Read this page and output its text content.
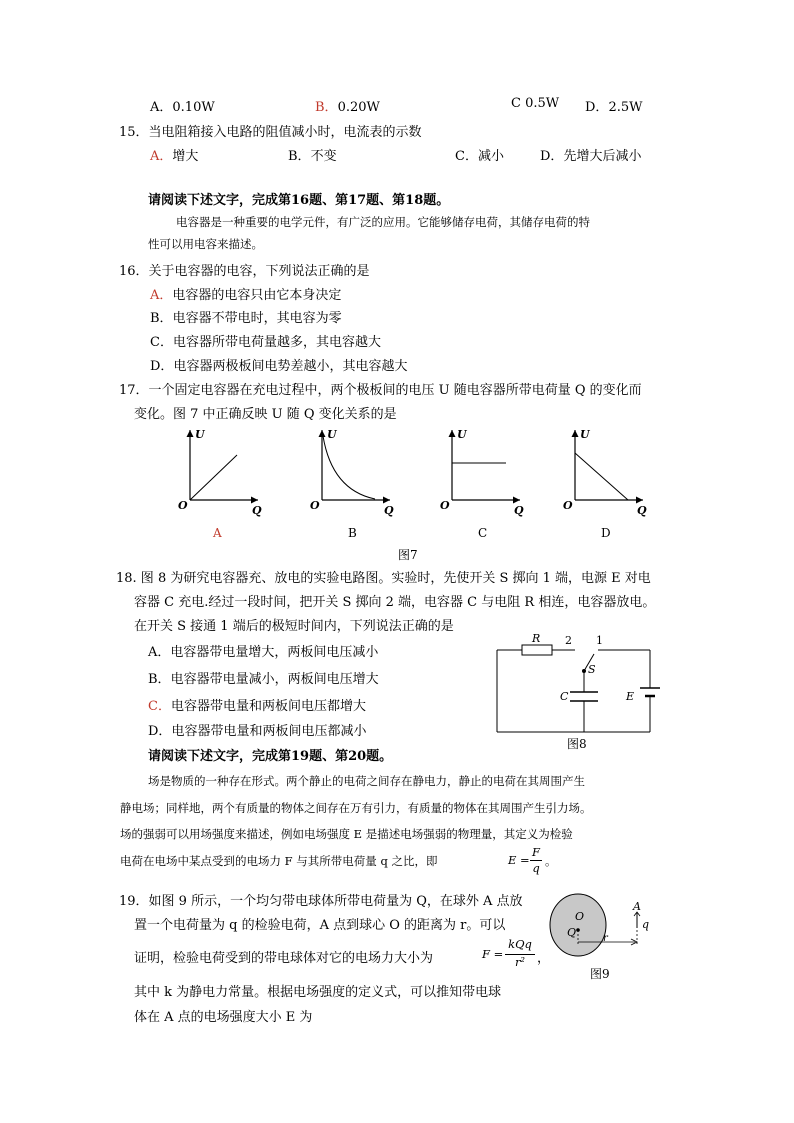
A．0.10W	B．0.20W	C 0.5W D．2.5W
15．当电阻箱接入电路的阻值减小时，电流表的示数
A．增大	B．不变	C．减小	D．先增大后减小
请阅读下述文字，完成第16题、第17题、第18题。
电容器是一种重要的电学元件，有广泛的应用。它能够储存电荷，其储存电荷的特
性可以用电容来描述。
16．关于电容器的电容，下列说法正确的是
A．电容器的电容只由它本身决定
B．电容器不带电时，其电容为零
C．电容器所带电荷量越多，其电容越大
D．电容器两极板间电势差越小，其电容越大
17．一个固定电容器在充电过程中，两个极板间的电压 U 随电容器所带电荷量 Q 的变化而
变化。图 7 中正确反映 U 随 Q 变化关系的是
U
O	Q
A
U
O	Q
B
U
O	Q
C
U
O	Q
D
图7
18. 图 8 为研究电容器充、放电的实验电路图。实验时，先使开关 S 掷向 1 端，电源 E 对电
容器 C 充电.经过一段时间，把开关 S 掷向 2 端，电容器 C 与电阻 R 相连，电容器放电。
在开关 S 接通 1 端后的极短时间内，下列说法正确的是
A．电容器带电量增大，两板间电压减小
B．电容器带电量减小，两板间电压增大
C．电容器带电量和两板间电压都增大
D．电容器带电量和两板间电压都减小
R 2 1
S
C	E
图8
请阅读下述文字，完成第19题、第20题。
场是物质的一种存在形式。两个静止的电荷之间存在静电力，静止的电荷在其周围产生
静电场；同样地，两个有质量的物体之间存在万有引力，有质量的物体在其周围产生引力场。
场的强弱可以用场强度来描述，例如电场强度 E 是描述电场强弱的物理量，其定义为检验
电荷在电场中某点受到的电场力 F 与其所带电荷量 q 之比，即	E =
F
q 。
19．如图 9 所示，一个均匀带电球体所带电荷量为 Q，在球外 A 点放
置一个电荷量为 q 的检验电荷，A 点到球心 O 的距离为 r。可以
证明，检验电荷受到的带电球体对它的电场力大小为	F =
kQq
r² ，
其中 k 为静电力常量。根据电场强度的定义式，可以推知带电球
体在 A 点的电场强度大小 E 为
Q
O
A
q
r
图9
